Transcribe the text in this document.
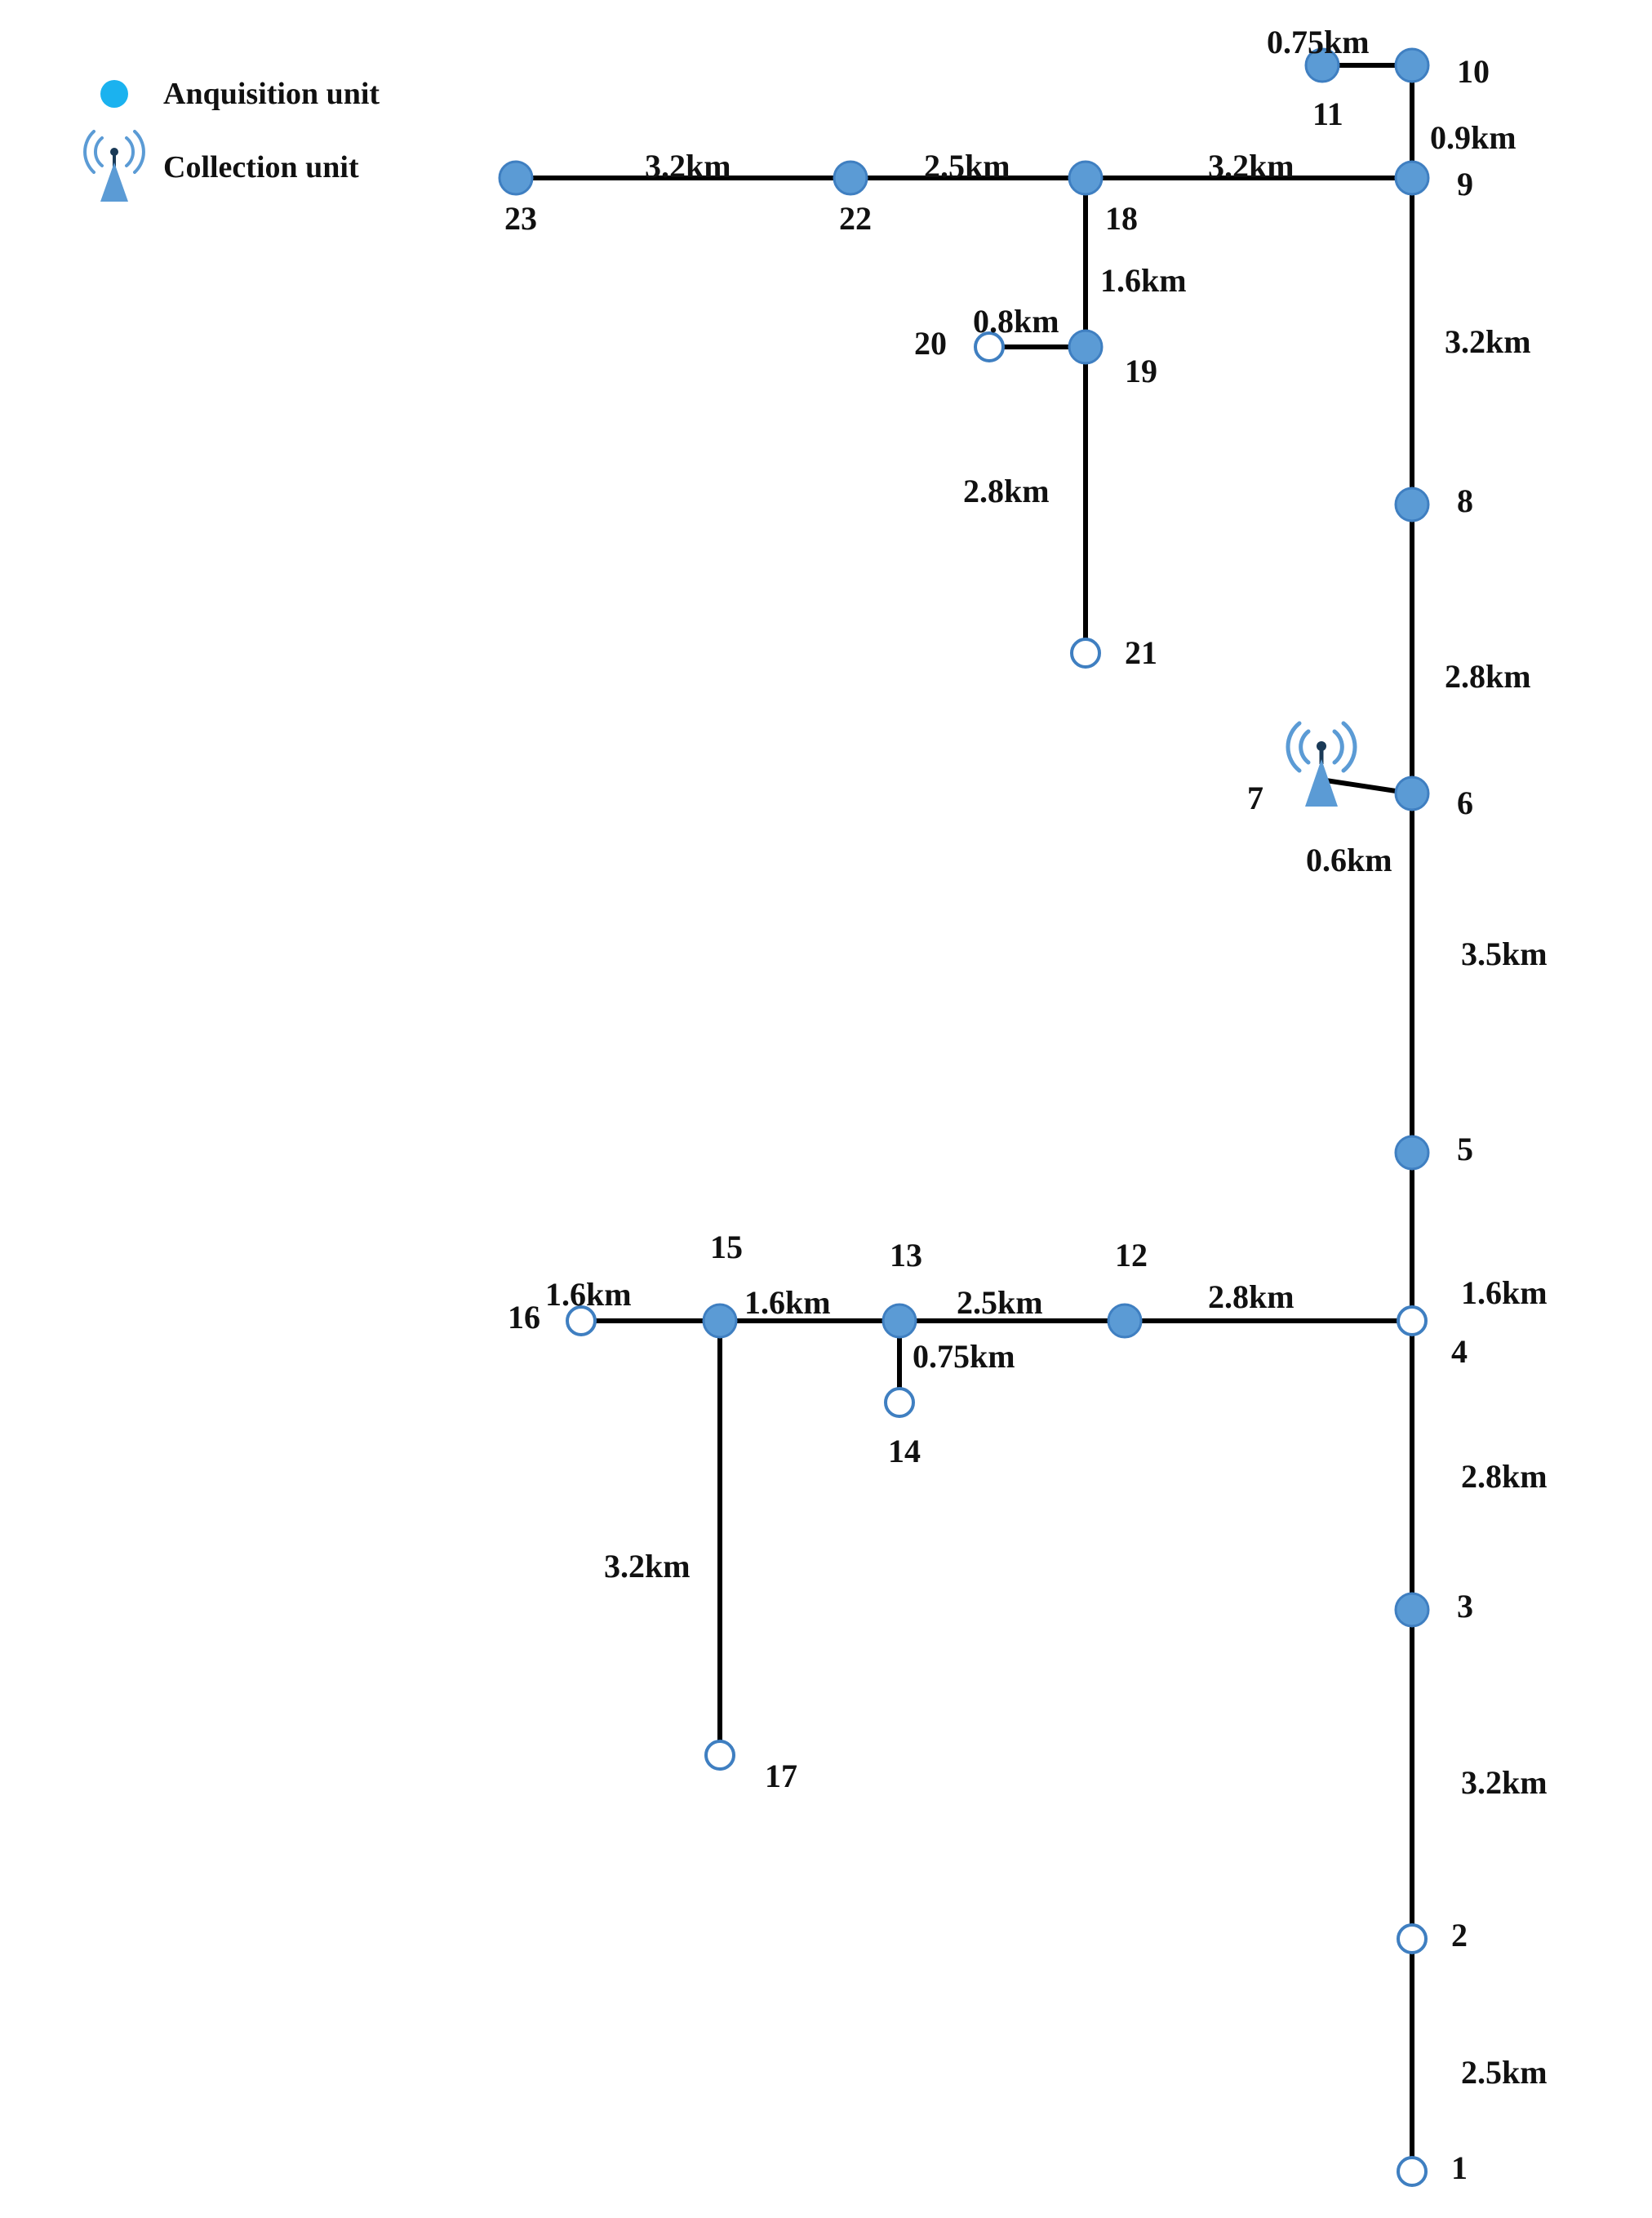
Anquisition unit
Collection unit
1
2
3
4
5
6
7
8
9
10
11
12
13
14
15
16
17
18
19
20
21
22
23
2.5km
3.2km
2.8km
1.6km
3.5km
2.8km
3.2km
0.9km
0.75km
3.2km
2.5km
3.2km
1.6km
0.8km
2.8km
0.6km
2.8km
2.5km
1.6km
1.6km
0.75km
3.2km
